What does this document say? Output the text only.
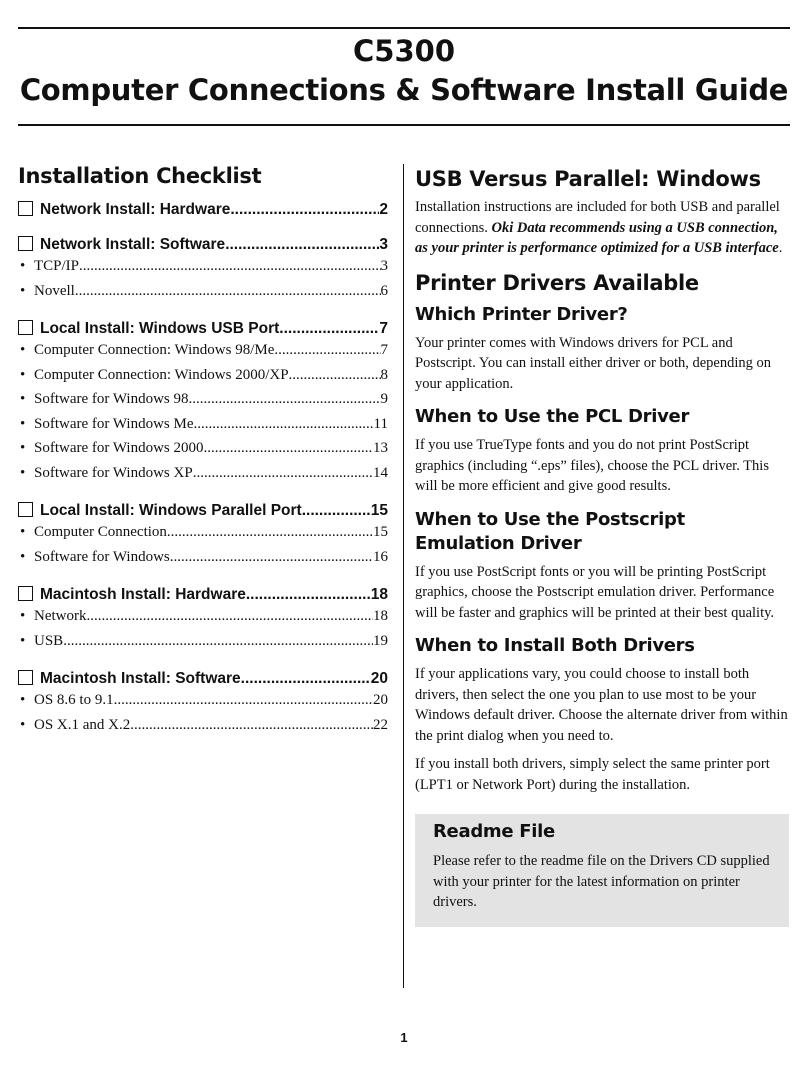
C5300
Computer Connections & Software Install Guide
Installation Checklist
Network Install: Hardware .....	2
Network Install: Software .....	3
• TCP/IP .....	3
• Novell .....	6
Local Install: Windows USB Port .....	7
• Computer Connection: Windows 98/Me .....	7
• Computer Connection: Windows 2000/XP .....	8
• Software for Windows 98 .....	9
• Software for Windows Me .....	11
• Software for Windows 2000 .....	13
• Software for Windows XP .....	14
Local Install: Windows Parallel Port .....	15
• Computer Connection .....	15
• Software for Windows .....	16
Macintosh Install: Hardware .....	18
• Network .....	18
• USB .....	19
Macintosh Install: Software .....	20
• OS 8.6 to 9.1 .....	20
• OS X.1 and X.2 .....	22
USB Versus Parallel: Windows
Installation instructions are included for both USB and parallel connections. Oki Data recommends using a USB connection, as your printer is performance optimized for a USB interface.
Printer Drivers Available
Which Printer Driver?
Your printer comes with Windows drivers for PCL and Postscript. You can install either driver or both, depending on your application.
When to Use the PCL Driver
If you use TrueType fonts and you do not print PostScript graphics (including “.eps” files), choose the PCL driver. This will be more efficient and give good results.
When to Use the Postscript Emulation Driver
If you use PostScript fonts or you will be printing PostScript graphics, choose the Postscript emulation driver. Performance will be faster and graphics will be printed at their best quality.
When to Install Both Drivers
If your applications vary, you could choose to install both drivers, then select the one you plan to use most to be your Windows default driver. Choose the alternate driver from within the print dialog when you need to.
If you install both drivers, simply select the same printer port (LPT1 or Network Port) during the installation.
Readme File
Please refer to the readme file on the Drivers CD supplied with your printer for the latest information on printer drivers.
1
